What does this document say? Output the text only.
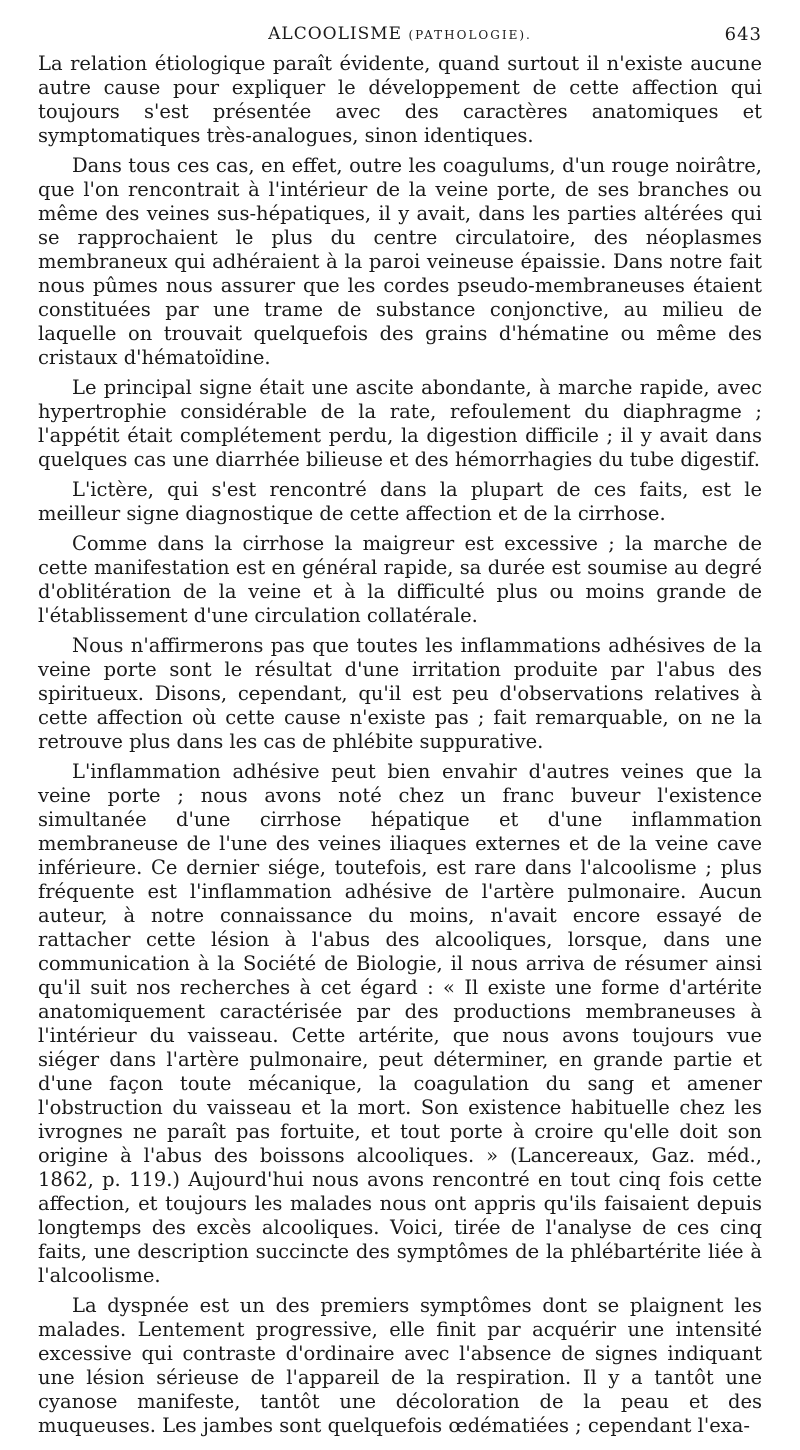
ALCOOLISME (PATHOLOGIE).	643

La relation étiologique paraît évidente, quand surtout il n'existe aucune autre cause pour expliquer le développement de cette affection qui toujours s'est présentée avec des caractères anatomiques et symptomatiques très-analogues, sinon identiques.

Dans tous ces cas, en effet, outre les coagulums, d'un rouge noirâtre, que l'on rencontrait à l'intérieur de la veine porte, de ses branches ou même des veines sus-hépatiques, il y avait, dans les parties altérées qui se rapprochaient le plus du centre circulatoire, des néoplasmes membraneux qui adhéraient à la paroi veineuse épaissie. Dans notre fait nous pûmes nous assurer que les cordes pseudo-membraneuses étaient constituées par une trame de substance conjonctive, au milieu de laquelle on trouvait quelquefois des grains d'hématine ou même des cristaux d'hématoïdine.

Le principal signe était une ascite abondante, à marche rapide, avec hypertrophie considérable de la rate, refoulement du diaphragme ; l'appétit était complétement perdu, la digestion difficile ; il y avait dans quelques cas une diarrhée bilieuse et des hémorrhagies du tube digestif.

L'ictère, qui s'est rencontré dans la plupart de ces faits, est le meilleur signe diagnostique de cette affection et de la cirrhose.

Comme dans la cirrhose la maigreur est excessive ; la marche de cette manifestation est en général rapide, sa durée est soumise au degré d'oblitération de la veine et à la difficulté plus ou moins grande de l'établissement d'une circulation collatérale.

Nous n'affirmerons pas que toutes les inflammations adhésives de la veine porte sont le résultat d'une irritation produite par l'abus des spiritueux. Disons, cependant, qu'il est peu d'observations relatives à cette affection où cette cause n'existe pas ; fait remarquable, on ne la retrouve plus dans les cas de phlébite suppurative.

L'inflammation adhésive peut bien envahir d'autres veines que la veine porte ; nous avons noté chez un franc buveur l'existence simultanée d'une cirrhose hépatique et d'une inflammation membraneuse de l'une des veines iliaques externes et de la veine cave inférieure. Ce dernier siége, toutefois, est rare dans l'alcoolisme ; plus fréquente est l'inflammation adhésive de l'artère pulmonaire. Aucun auteur, à notre connaissance du moins, n'avait encore essayé de rattacher cette lésion à l'abus des alcooliques, lorsque, dans une communication à la Société de Biologie, il nous arriva de résumer ainsi qu'il suit nos recherches à cet égard : « Il existe une forme d'artérite anatomiquement caractérisée par des productions membraneuses à l'intérieur du vaisseau. Cette artérite, que nous avons toujours vue siéger dans l'artère pulmonaire, peut déterminer, en grande partie et d'une façon toute mécanique, la coagulation du sang et amener l'obstruction du vaisseau et la mort. Son existence habituelle chez les ivrognes ne paraît pas fortuite, et tout porte à croire qu'elle doit son origine à l'abus des boissons alcooliques. » (Lancereaux, Gaz. méd., 1862, p. 119.) Aujourd'hui nous avons rencontré en tout cinq fois cette affection, et toujours les malades nous ont appris qu'ils faisaient depuis longtemps des excès alcooliques. Voici, tirée de l'analyse de ces cinq faits, une description succincte des symptômes de la phlébartérite liée à l'alcoolisme.

La dyspnée est un des premiers symptômes dont se plaignent les malades. Lentement progressive, elle finit par acquérir une intensité excessive qui contraste d'ordinaire avec l'absence de signes indiquant une lésion sérieuse de l'appareil de la respiration. Il y a tantôt une cyanose manifeste, tantôt une décoloration de la peau et des muqueuses. Les jambes sont quelquefois œdématiées ; cependant l'exa-
